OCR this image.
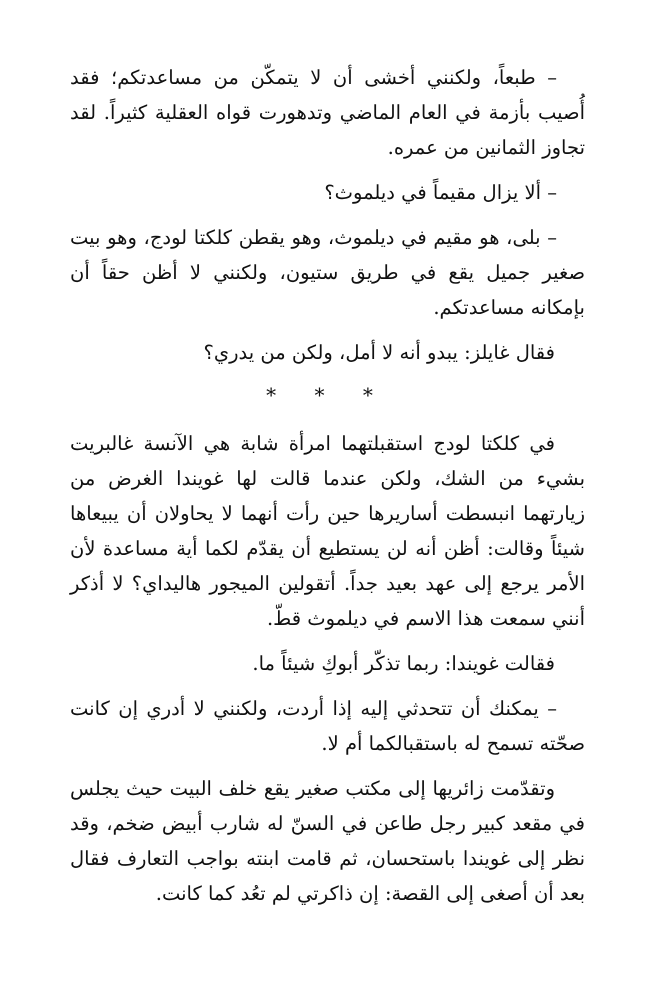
– طبعاً، ولكنني أخشى أن لا يتمكّن من مساعدتكم؛ فقد أُصيب بأزمة في العام الماضي وتدهورت قواه العقلية كثيراً. لقد تجاوز الثمانين من عمره.

– ألا يزال مقيماً في ديلموث؟

– بلى، هو مقيم في ديلموث، وهو يقطن كلكتا لودج، وهو بيت صغير جميل يقع في طريق ستيون، ولكنني لا أظن حقاً أن بإمكانه مساعدتكم.

فقال غايلز: يبدو أنه لا أمل، ولكن من يدري؟

* * *

في كلكتا لودج استقبلتهما امرأة شابة هي الآنسة غالبريت بشيء من الشك، ولكن عندما قالت لها غويندا الغرض من زيارتهما انبسطت أساريرها حين رأت أنهما لا يحاولان أن يبيعاها شيئاً وقالت: أظن أنه لن يستطيع أن يقدّم لكما أية مساعدة لأن الأمر يرجع إلى عهد بعيد جداً. أتقولين الميجور هاليداي؟ لا أذكر أنني سمعت هذا الاسم في ديلموث قطّ.

فقالت غويندا: ربما تذكّر أبوكِ شيئاً ما.

– يمكنك أن تتحدثي إليه إذا أردت، ولكنني لا أدري إن كانت صحّته تسمح له باستقبالكما أم لا.

وتقدّمت زائريها إلى مكتب صغير يقع خلف البيت حيث يجلس في مقعد كبير رجل طاعن في السنّ له شارب أبيض ضخم، وقد نظر إلى غويندا باستحسان، ثم قامت ابنته بواجب التعارف فقال بعد أن أصغى إلى القصة: إن ذاكرتي لم تعُد كما كانت.
